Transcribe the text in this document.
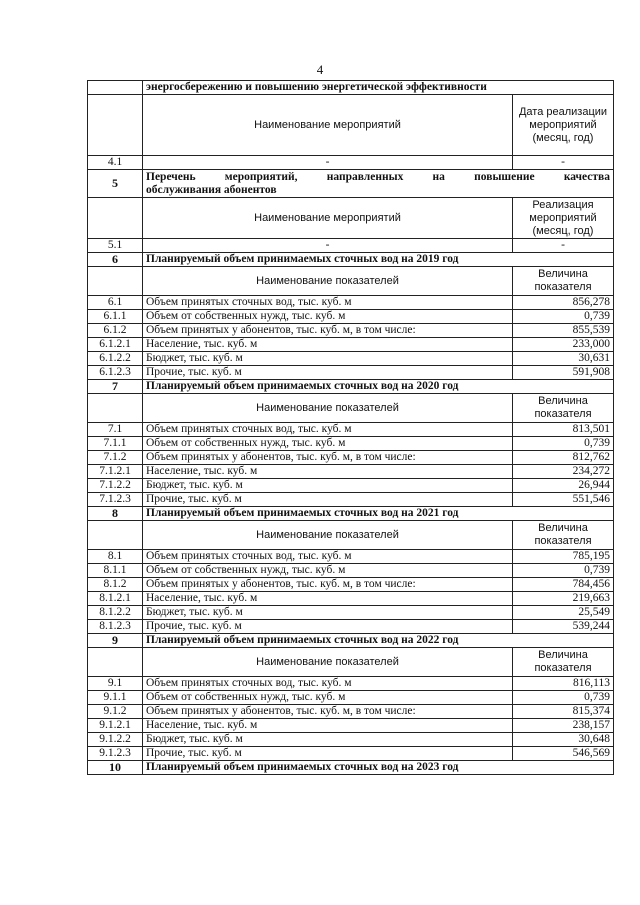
4
	энергосбережению и повышению энергетической эффективности	
	Наименование мероприятий	Дата реализации мероприятий (месяц, год)
4.1	-	-
5	Перечень мероприятий, направленных на повышение качества
обслуживания абонентов	

	Наименование мероприятий	Реализация мероприятий (месяц, год)
5.1	-	-
6	Планируемый объем принимаемых сточных вод на 2019 год	
	Наименование показателей	Величина показателя
6.1	Объем принятых сточных вод, тыс. куб. м	856,278
6.1.1	Объем от собственных нужд, тыс. куб. м	0,739
6.1.2	Объем принятых у абонентов, тыс. куб. м, в том числе:	855,539
6.1.2.1	Население, тыс. куб. м	233,000
6.1.2.2	Бюджет, тыс. куб. м	30,631
6.1.2.3	Прочие, тыс. куб. м	591,908
7	Планируемый объем принимаемых сточных вод на 2020 год	
	Наименование показателей	Величина показателя
7.1	Объем принятых сточных вод, тыс. куб. м	813,501
7.1.1	Объем от собственных нужд, тыс. куб. м	0,739
7.1.2	Объем принятых у абонентов, тыс. куб. м, в том числе:	812,762
7.1.2.1	Население, тыс. куб. м	234,272
7.1.2.2	Бюджет, тыс. куб. м	26,944
7.1.2.3	Прочие, тыс. куб. м	551,546
8	Планируемый объем принимаемых сточных вод на 2021 год	
	Наименование показателей	Величина показателя
8.1	Объем принятых сточных вод, тыс. куб. м	785,195
8.1.1	Объем от собственных нужд, тыс. куб. м	0,739
8.1.2	Объем принятых у абонентов, тыс. куб. м, в том числе:	784,456
8.1.2.1	Население, тыс. куб. м	219,663
8.1.2.2	Бюджет, тыс. куб. м	25,549
8.1.2.3	Прочие, тыс. куб. м	539,244
9	Планируемый объем принимаемых сточных вод на 2022 год	
	Наименование показателей	Величина показателя
9.1	Объем принятых сточных вод, тыс. куб. м	816,113
9.1.1	Объем от собственных нужд, тыс. куб. м	0,739
9.1.2	Объем принятых у абонентов, тыс. куб. м, в том числе:	815,374
9.1.2.1	Население, тыс. куб. м	238,157
9.1.2.2	Бюджет, тыс. куб. м	30,648
9.1.2.3	Прочие, тыс. куб. м	546,569
10	Планируемый объем принимаемых сточных вод на 2023 год	
